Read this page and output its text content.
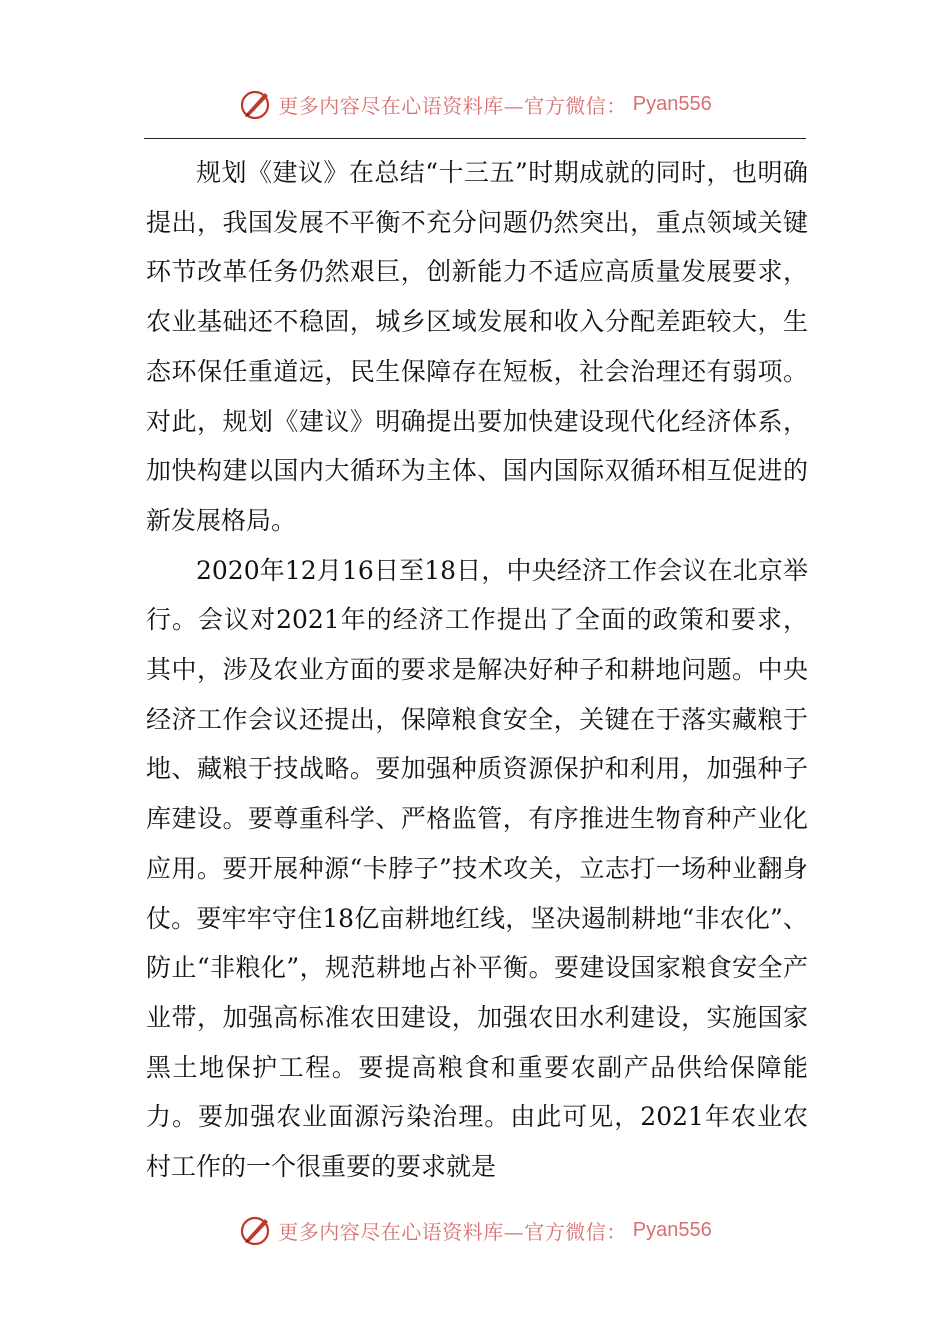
更多内容尽在心语资料库—官方微信： Pyan556

规划《建议》在总结“十三五”时期成就的同时，也明确提出，我国发展不平衡不充分问题仍然突出，重点领域关键环节改革任务仍然艰巨，创新能力不适应高质量发展要求，农业基础还不稳固，城乡区域发展和收入分配差距较大，生态环保任重道远，民生保障存在短板，社会治理还有弱项。对此，规划《建议》明确提出要加快建设现代化经济体系，加快构建以国内大循环为主体、国内国际双循环相互促进的新发展格局。

2020年12月16日至18日，中央经济工作会议在北京举行。会议对2021年的经济工作提出了全面的政策和要求，其中，涉及农业方面的要求是解决好种子和耕地问题。中央经济工作会议还提出，保障粮食安全，关键在于落实藏粮于地、藏粮于技战略。要加强种质资源保护和利用，加强种子库建设。要尊重科学、严格监管，有序推进生物育种产业化应用。要开展种源“卡脖子”技术攻关，立志打一场种业翻身仗。要牢牢守住18亿亩耕地红线，坚决遏制耕地“非农化”、防止“非粮化”，规范耕地占补平衡。要建设国家粮食安全产业带，加强高标准农田建设，加强农田水利建设，实施国家黑土地保护工程。要提高粮食和重要农副产品供给保障能力。要加强农业面源污染治理。由此可见，2021年农业农村工作的一个很重要的要求就是

更多内容尽在心语资料库—官方微信： Pyan556
